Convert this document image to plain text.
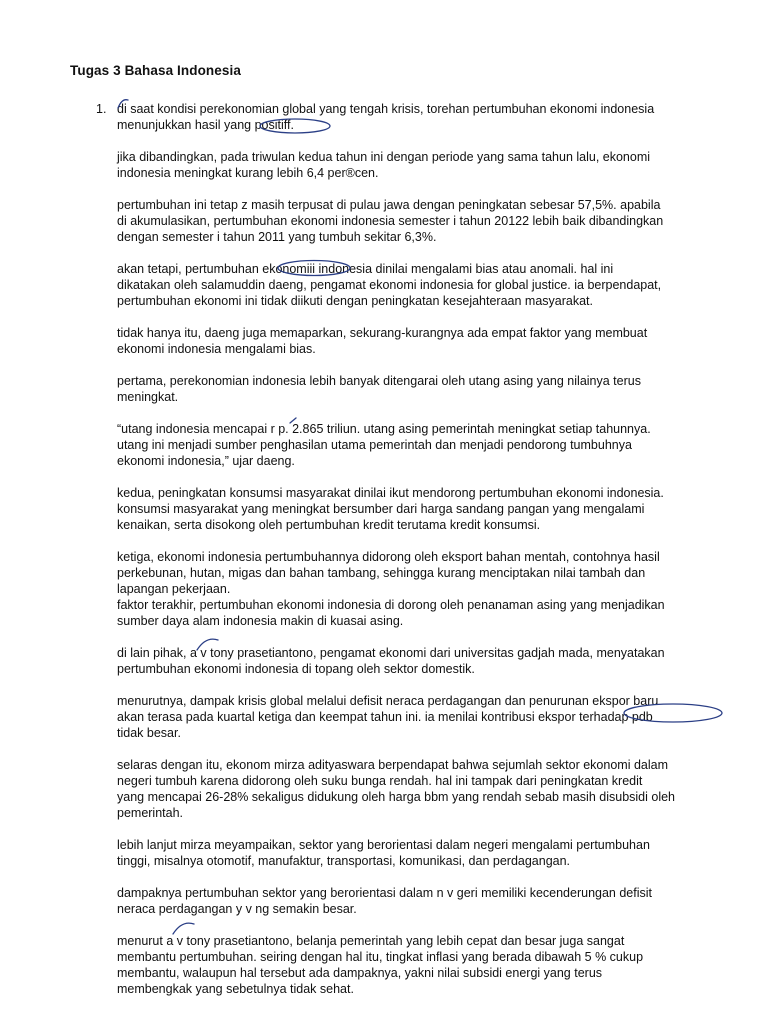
Tugas 3 Bahasa Indonesia
1. di saat kondisi perekonomian global yang tengah krisis, torehan pertumbuhan ekonomi indonesia
menunjukkan hasil yang positiff.

jika dibandingkan, pada triwulan kedua tahun ini dengan periode yang sama tahun lalu, ekonomi
indonesia meningkat kurang lebih 6,4 per®cen.

pertumbuhan ini tetap z masih terpusat di pulau jawa dengan peningkatan sebesar 57,5%. apabila
di akumulasikan, pertumbuhan ekonomi indonesia semester i tahun 20122 lebih baik dibandingkan
dengan semester i tahun 2011 yang tumbuh sekitar 6,3%.

akan tetapi, pertumbuhan ekonomiii indonesia dinilai mengalami bias atau anomali. hal ini
dikatakan oleh salamuddin daeng, pengamat ekonomi indonesia for global justice. ia berpendapat,
pertumbuhan ekonomi ini tidak diikuti dengan peningkatan kesejahteraan masyarakat.

tidak hanya itu, daeng juga memaparkan, sekurang-kurangnya ada empat faktor yang membuat
ekonomi indonesia mengalami bias.

pertama, perekonomian indonesia lebih banyak ditengarai oleh utang asing yang nilainya terus
meningkat.

“utang indonesia mencapai r p. 2.865 triliun. utang asing pemerintah meningkat setiap tahunnya.
utang ini menjadi sumber penghasilan utama pemerintah dan menjadi pendorong tumbuhnya
ekonomi indonesia,” ujar daeng.

kedua, peningkatan konsumsi masyarakat dinilai ikut mendorong pertumbuhan ekonomi indonesia.
konsumsi masyarakat yang meningkat bersumber dari harga sandang pangan yang mengalami
kenaikan, serta disokong oleh pertumbuhan kredit terutama kredit konsumsi.

ketiga, ekonomi indonesia pertumbuhannya didorong oleh eksport bahan mentah, contohnya hasil
perkebunan, hutan, migas dan bahan tambang, sehingga kurang menciptakan nilai tambah dan
lapangan pekerjaan.

faktor terakhir, pertumbuhan ekonomi indonesia di dorong oleh penanaman asing yang menjadikan
sumber daya alam indonesia makin di kuasai asing.

di lain pihak, a v tony prasetiantono, pengamat ekonomi dari universitas gadjah mada, menyatakan
pertumbuhan ekonomi indonesia di topang oleh sektor domestik.

menurutnya, dampak krisis global melalui defisit neraca perdagangan dan penurunan ekspor baru
akan terasa pada kuartal ketiga dan keempat tahun ini. ia menilai kontribusi ekspor terhadap pdb
tidak besar.

selaras dengan itu, ekonom mirza adityaswara berpendapat bahwa sejumlah sektor ekonomi dalam
negeri tumbuh karena didorong oleh suku bunga rendah. hal ini tampak dari peningkatan kredit
yang mencapai 26-28% sekaligus didukung oleh harga bbm yang rendah sebab masih disubsidi oleh
pemerintah.

lebih lanjut mirza meyampaikan, sektor yang berorientasi dalam negeri mengalami pertumbuhan
tinggi, misalnya otomotif, manufaktur, transportasi, komunikasi, dan perdagangan.

dampaknya pertumbuhan sektor yang berorientasi dalam n v geri memiliki kecenderungan defisit
neraca perdagangan y v ng semakin besar.

menurut a v tony prasetiantono, belanja pemerintah yang lebih cepat dan besar juga sangat
membantu pertumbuhan. seiring dengan hal itu, tingkat inflasi yang berada dibawah 5 % cukup
membantu, walaupun hal tersebut ada dampaknya, yakni nilai subsidi energi yang terus
membengkak yang sebetulnya tidak sehat.
